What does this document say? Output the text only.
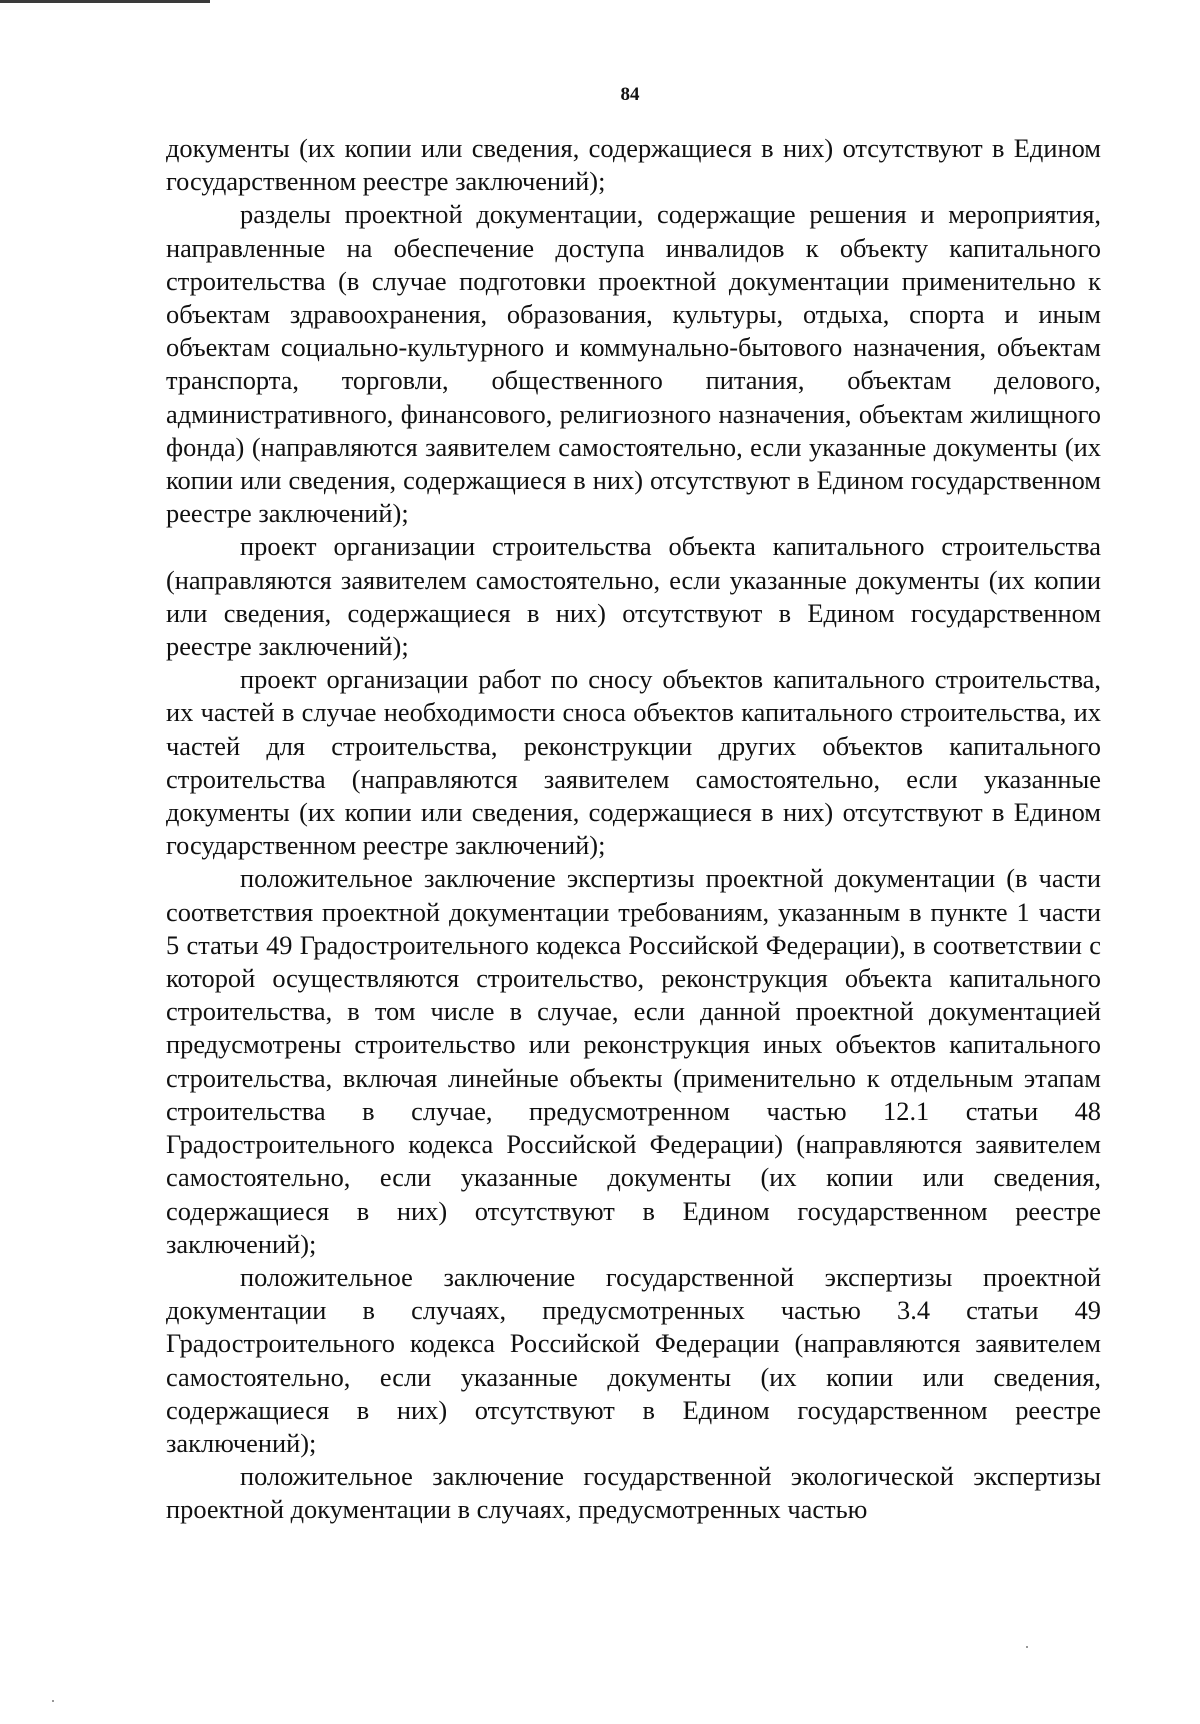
84

документы (их копии или сведения, содержащиеся в них) отсутствуют в Едином государственном реестре заключений);

разделы проектной документации, содержащие решения и мероприятия, направленные на обеспечение доступа инвалидов к объекту капитального строительства (в случае подготовки проектной документации применительно к объектам здравоохранения, образования, культуры, отдыха, спорта и иным объектам социально-культурного и коммунально-бытового назначения, объектам транспорта, торговли, общественного питания, объектам делового, административного, финансового, религиозного назначения, объектам жилищного фонда) (направляются заявителем самостоятельно, если указанные документы (их копии или сведения, содержащиеся в них) отсутствуют в Едином государственном реестре заключений);

проект организации строительства объекта капитального строительства (направляются заявителем самостоятельно, если указанные документы (их копии или сведения, содержащиеся в них) отсутствуют в Едином государственном реестре заключений);

проект организации работ по сносу объектов капитального строительства, их частей в случае необходимости сноса объектов капитального строительства, их частей для строительства, реконструкции других объектов капитального строительства (направляются заявителем самостоятельно, если указанные документы (их копии или сведения, содержащиеся в них) отсутствуют в Едином государственном реестре заключений);

положительное заключение экспертизы проектной документации (в части соответствия проектной документации требованиям, указанным в пункте 1 части 5 статьи 49 Градостроительного кодекса Российской Федерации), в соответствии с которой осуществляются строительство, реконструкция объекта капитального строительства, в том числе в случае, если данной проектной документацией предусмотрены строительство или реконструкция иных объектов капитального строительства, включая линейные объекты (применительно к отдельным этапам строительства в случае, предусмотренном частью 12.1 статьи 48 Градостроительного кодекса Российской Федерации) (направляются заявителем самостоятельно, если указанные документы (их копии или сведения, содержащиеся в них) отсутствуют в Едином государственном реестре заключений);

положительное заключение государственной экспертизы проектной документации в случаях, предусмотренных частью 3.4 статьи 49 Градостроительного кодекса Российской Федерации (направляются заявителем самостоятельно, если указанные документы (их копии или сведения, содержащиеся в них) отсутствуют в Едином государственном реестре заключений);

положительное заключение государственной экологической экспертизы проектной документации в случаях, предусмотренных частью
